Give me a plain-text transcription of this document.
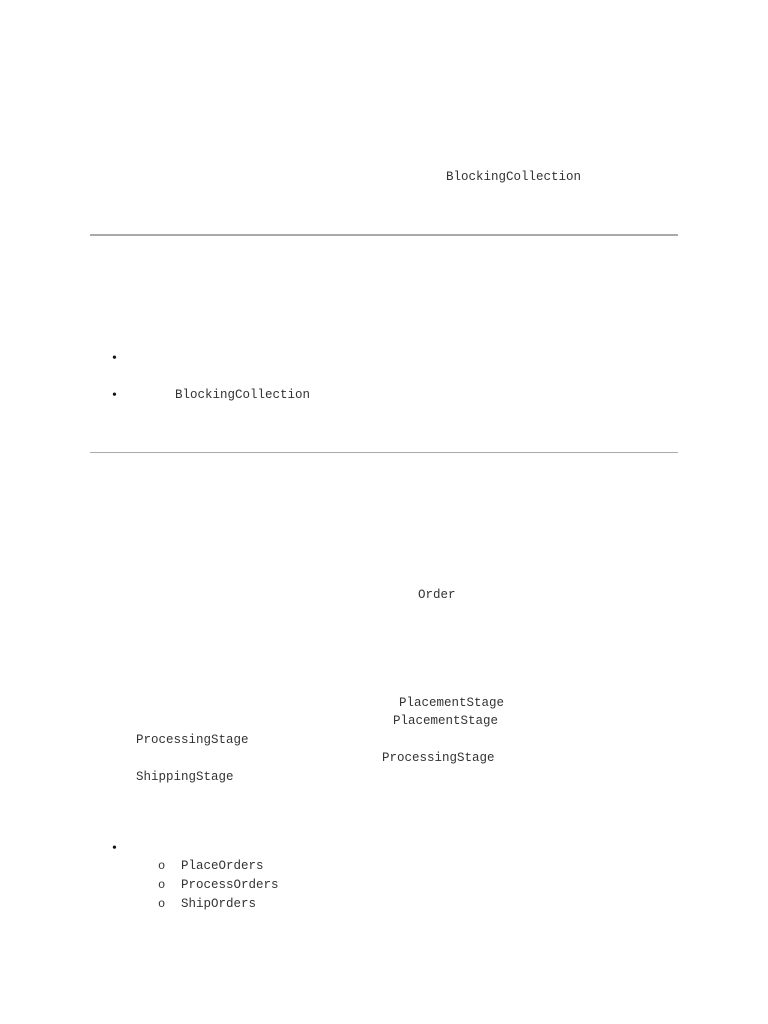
BlockingCollection
•
•	BlockingCollection
Order
PlacementStage
PlacementStage
ProcessingStage
ProcessingStage
ShippingStage
•
o PlaceOrders
o ProcessOrders
o ShipOrders
